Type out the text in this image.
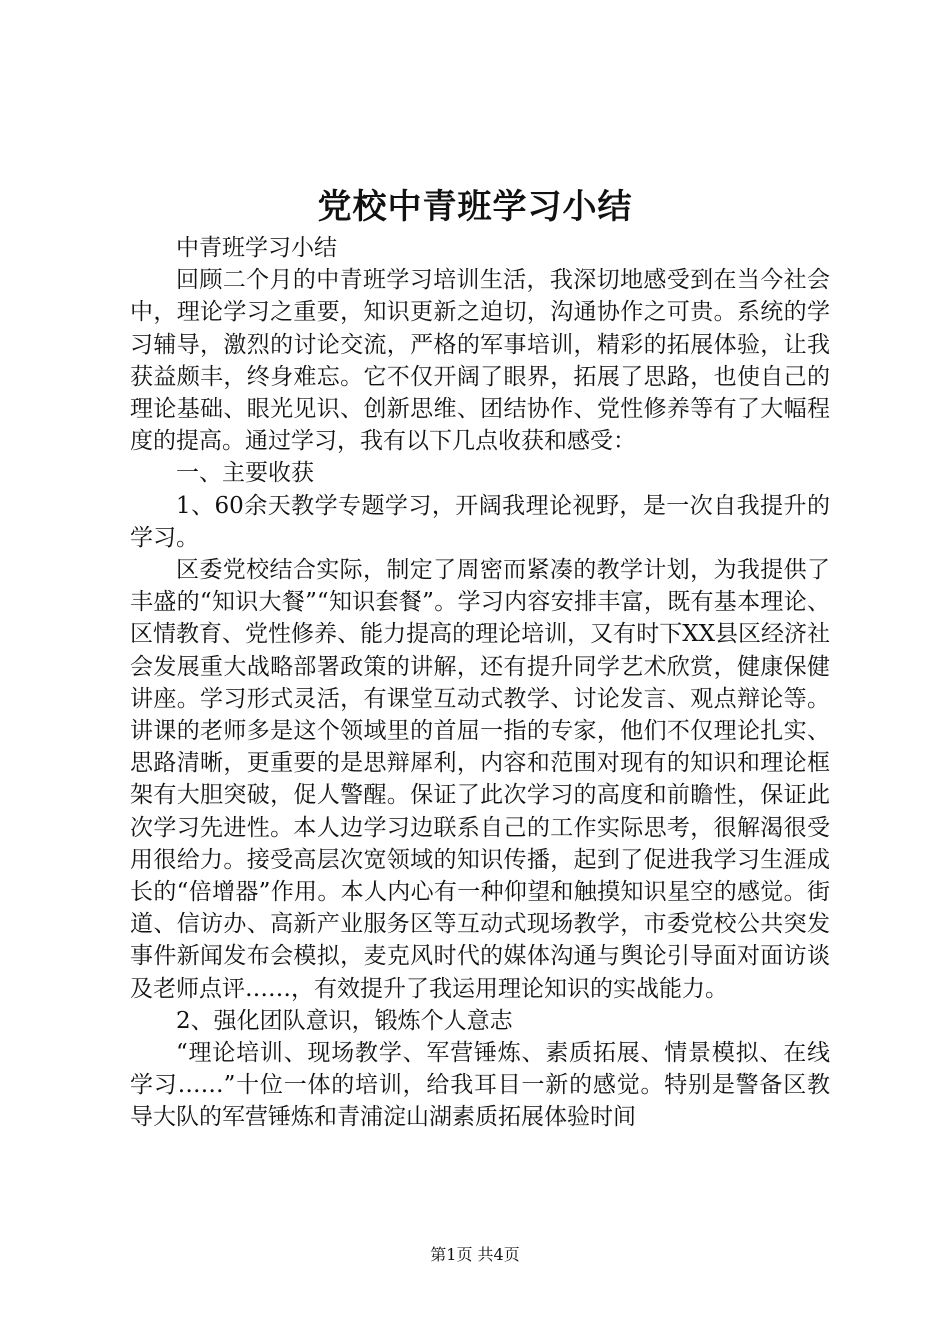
党校中青班学习小结

中青班学习小结

回顾二个月的中青班学习培训生活，我深切地感受到在当今社会中，理论学习之重要，知识更新之迫切，沟通协作之可贵。系统的学习辅导，激烈的讨论交流，严格的军事培训，精彩的拓展体验，让我获益颇丰，终身难忘。它不仅开阔了眼界，拓展了思路，也使自己的理论基础、眼光见识、创新思维、团结协作、党性修养等有了大幅程度的提高。通过学习，我有以下几点收获和感受：

一、主要收获

1、60余天教学专题学习，开阔我理论视野，是一次自我提升的学习。

区委党校结合实际，制定了周密而紧凑的教学计划，为我提供了丰盛的“知识大餐”“知识套餐”。学习内容安排丰富，既有基本理论、区情教育、党性修养、能力提高的理论培训，又有时下XX县区经济社会发展重大战略部署政策的讲解，还有提升同学艺术欣赏，健康保健讲座。学习形式灵活，有课堂互动式教学、讨论发言、观点辩论等。讲课的老师多是这个领域里的首屈一指的专家，他们不仅理论扎实、思路清晰，更重要的是思辩犀利，内容和范围对现有的知识和理论框架有大胆突破，促人警醒。保证了此次学习的高度和前瞻性，保证此次学习先进性。本人边学习边联系自己的工作实际思考，很解渴很受用很给力。接受高层次宽领域的知识传播，起到了促进我学习生涯成长的“倍增器”作用。本人内心有一种仰望和触摸知识星空的感觉。街道、信访办、高新产业服务区等互动式现场教学，市委党校公共突发事件新闻发布会模拟，麦克风时代的媒体沟通与舆论引导面对面访谈及老师点评……，有效提升了我运用理论知识的实战能力。

2、强化团队意识，锻炼个人意志

“理论培训、现场教学、军营锤炼、素质拓展、情景模拟、在线学习……”十位一体的培训，给我耳目一新的感觉。特别是警备区教导大队的军营锤炼和青浦淀山湖素质拓展体验时间

第1页 共4页
